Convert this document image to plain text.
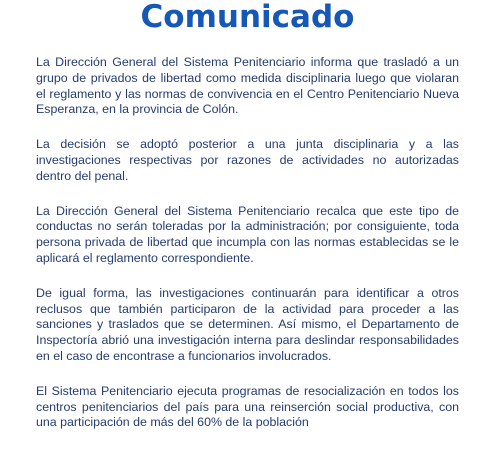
Comunicado

La Dirección General del Sistema Penitenciario informa que trasladó a un grupo de privados de libertad como medida disciplinaria luego que violaran el reglamento y las normas de convivencia en el Centro Penitenciario Nueva Esperanza, en la provincia de Colón.

La decisión se adoptó posterior a una junta disciplinaria y a las investigaciones respectivas por razones de actividades no autorizadas dentro del penal.

La Dirección General del Sistema Penitenciario recalca que este tipo de conductas no serán toleradas por la administración; por consiguiente, toda persona privada de libertad que incumpla con las normas establecidas se le aplicará el reglamento correspondiente.

De igual forma, las investigaciones continuarán para identificar a otros reclusos que también participaron de la actividad para proceder a las sanciones y traslados que se determinen. Así mismo, el Departamento de Inspectoría abrió una investigación interna para deslindar responsabilidades en el caso de encontrase a funcionarios involucrados.

El Sistema Penitenciario ejecuta programas de resocialización en todos los centros penitenciarios del país para una reinserción social productiva, con una participación de más del 60% de la población
